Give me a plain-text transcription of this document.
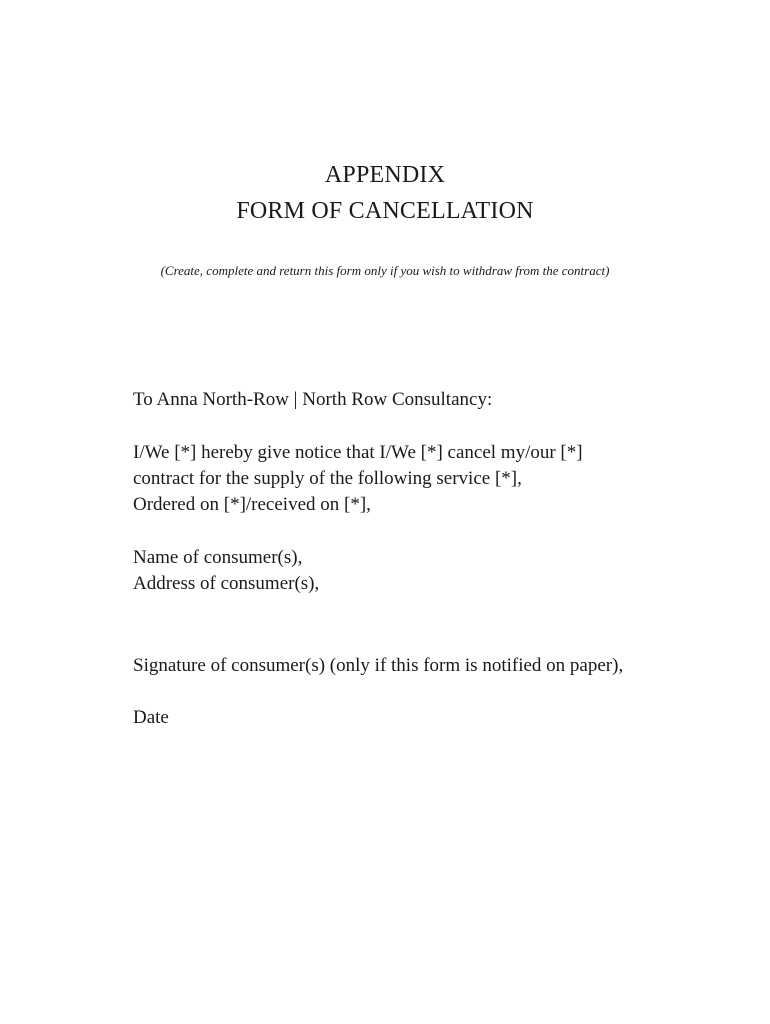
APPENDIX
FORM OF CANCELLATION
(Create, complete and return this form only if you wish to withdraw from the contract)
To Anna North-Row | North Row Consultancy:
I/We [*] hereby give notice that I/We [*] cancel my/our [*]
contract for the supply of the following service [*],
Ordered on [*]/received on [*],
Name of consumer(s),
Address of consumer(s),
Signature of consumer(s) (only if this form is notified on paper),
Date
